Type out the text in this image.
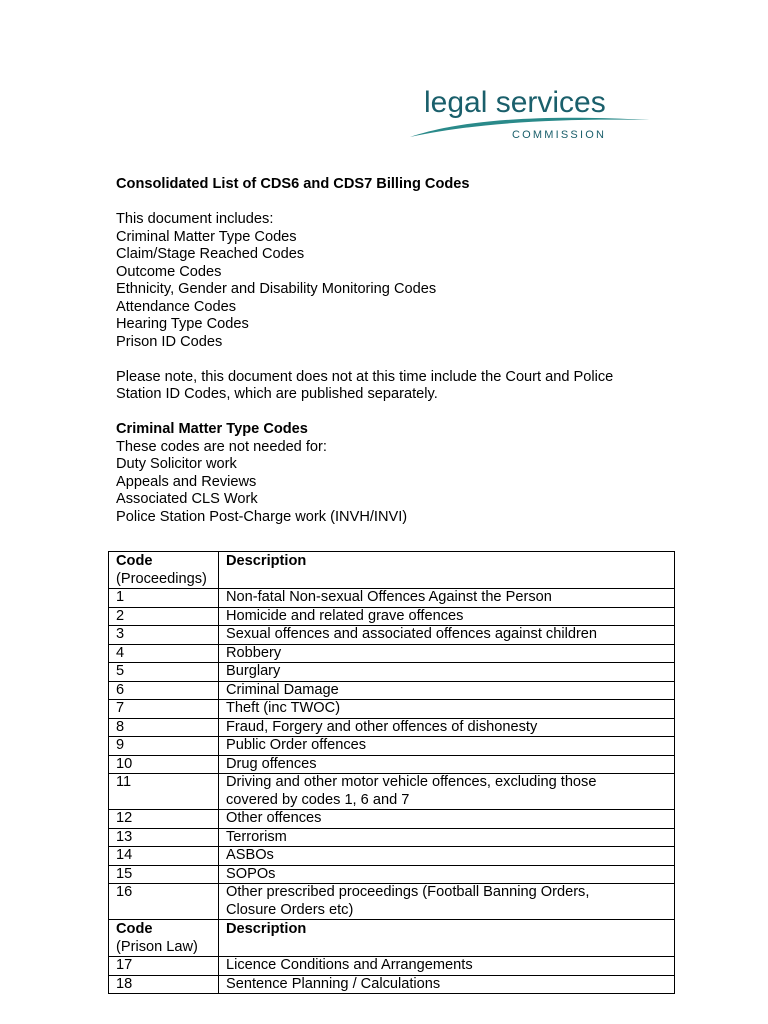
legal services
COMMISSION
Consolidated List of CDS6 and CDS7 Billing Codes
This document includes:
Criminal Matter Type Codes
Claim/Stage Reached Codes
Outcome Codes
Ethnicity, Gender and Disability Monitoring Codes
Attendance Codes
Hearing Type Codes
Prison ID Codes
Please note, this document does not at this time include the Court and Police
Station ID Codes, which are published separately.
Criminal Matter Type Codes
These codes are not needed for:
Duty Solicitor work
Appeals and Reviews
Associated CLS Work
Police Station Post-Charge work (INVH/INVI)
Code
(Proceedings)	Description
1	Non-fatal Non-sexual Offences Against the Person
2	Homicide and related grave offences
3	Sexual offences and associated offences against children
4	Robbery
5	Burglary
6	Criminal Damage
7	Theft (inc TWOC)
8	Fraud, Forgery and other offences of dishonesty
9	Public Order offences
10	Drug offences
11	Driving and other motor vehicle offences, excluding those
covered by codes 1, 6 and 7

12	Other offences
13	Terrorism
14	ASBOs
15	SOPOs
16	Other prescribed proceedings (Football Banning Orders,
Closure Orders etc)

Code
(Prison Law)	Description
17	Licence Conditions and Arrangements
18	Sentence Planning / Calculations
